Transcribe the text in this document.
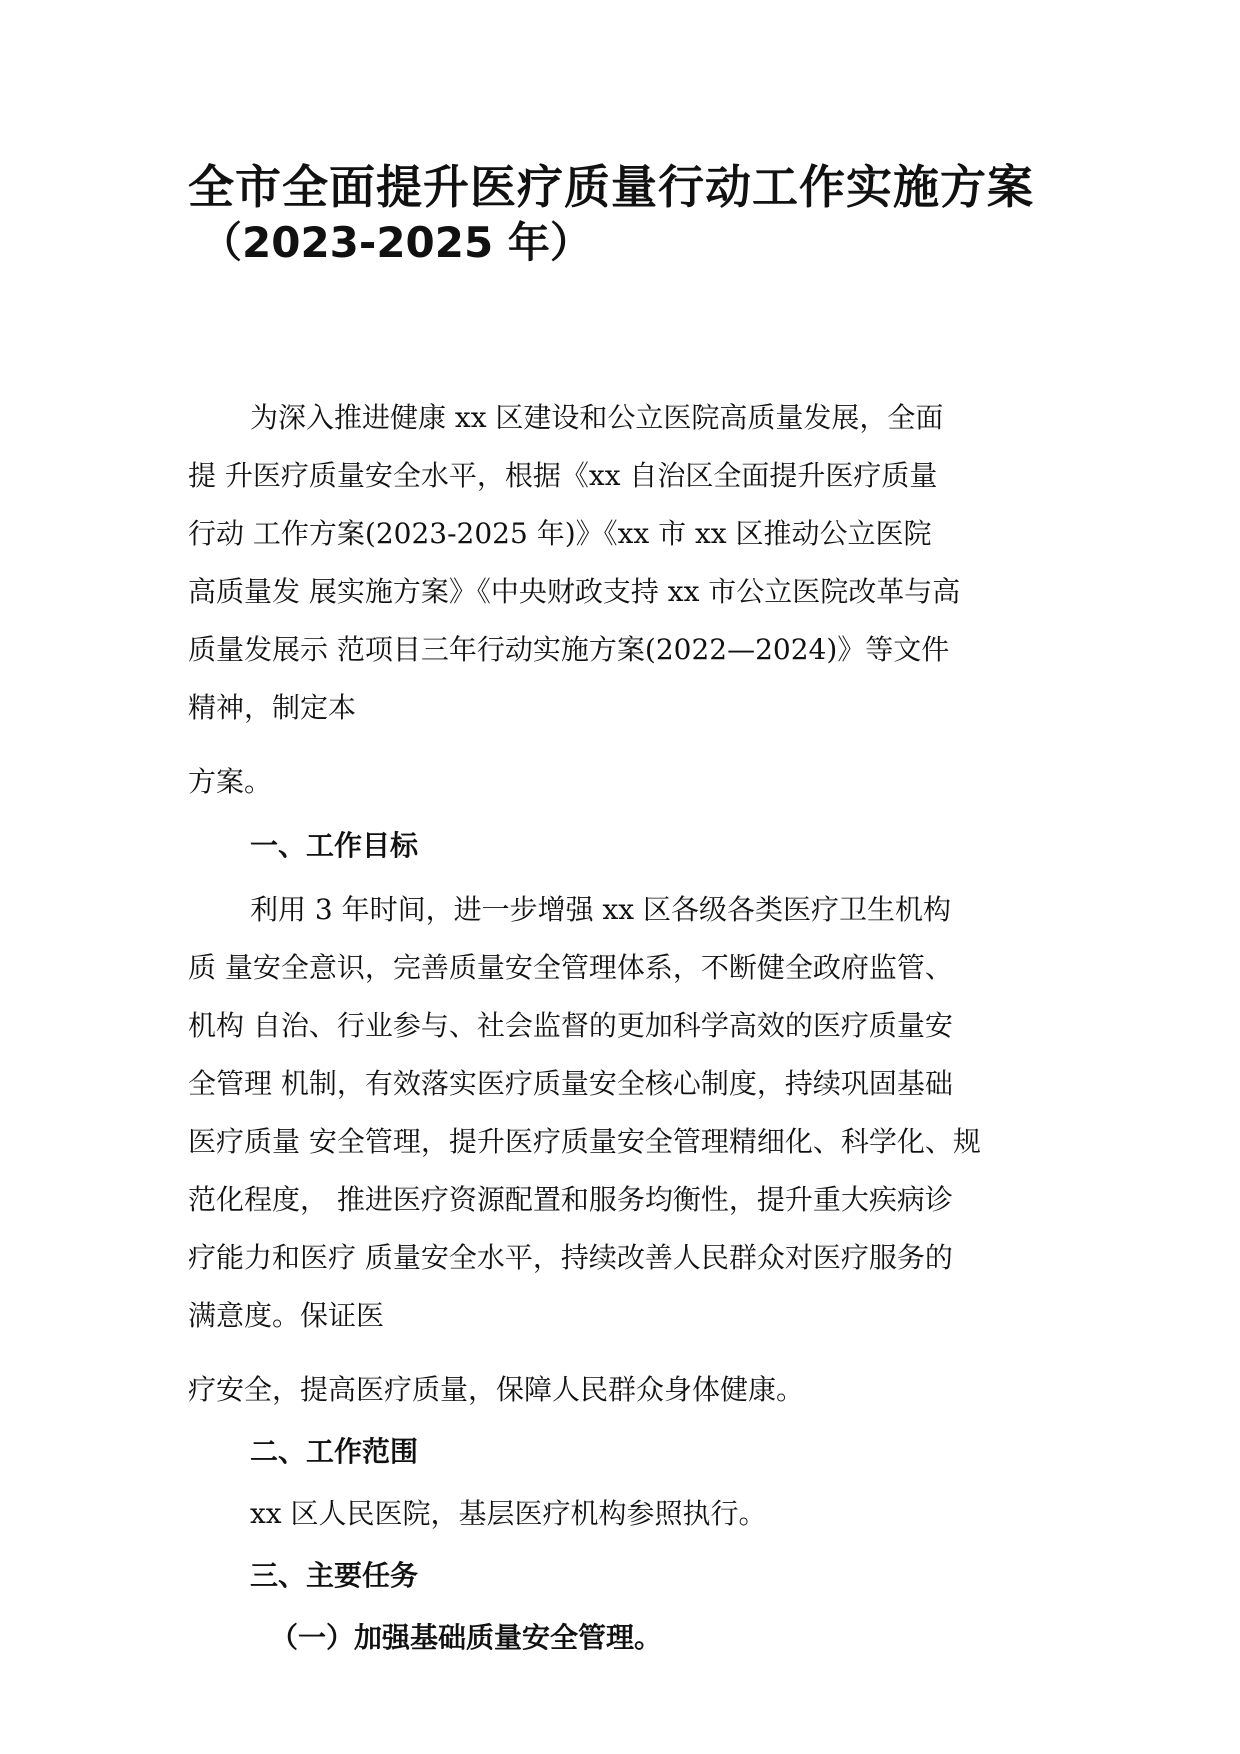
全市全面提升医疗质量行动工作实施方案
（2023-2025 年）
为深入推进健康 xx 区建设和公立医院高质量发展，全面
提 升医疗质量安全水平，根据《xx 自治区全面提升医疗质量
行动 工作方案(2023-2025 年)》《xx 市 xx 区推动公立医院
高质量发 展实施方案》《中央财政支持 xx 市公立医院改革与高
质量发展示 范项目三年行动实施方案(2022—2024)》等文件
精神，制定本
方案。
一、工作目标
利用 3 年时间，进一步增强 xx 区各级各类医疗卫生机构
质 量安全意识，完善质量安全管理体系，不断健全政府监管、
机构 自治、行业参与、社会监督的更加科学高效的医疗质量安
全管理 机制，有效落实医疗质量安全核心制度，持续巩固基础
医疗质量 安全管理，提升医疗质量安全管理精细化、科学化、规
范化程度， 推进医疗资源配置和服务均衡性，提升重大疾病诊
疗能力和医疗 质量安全水平，持续改善人民群众对医疗服务的
满意度。保证医
疗安全，提高医疗质量，保障人民群众身体健康。
二、工作范围
xx 区人民医院，基层医疗机构参照执行。
三、主要任务
（一）加强基础质量安全管理。
